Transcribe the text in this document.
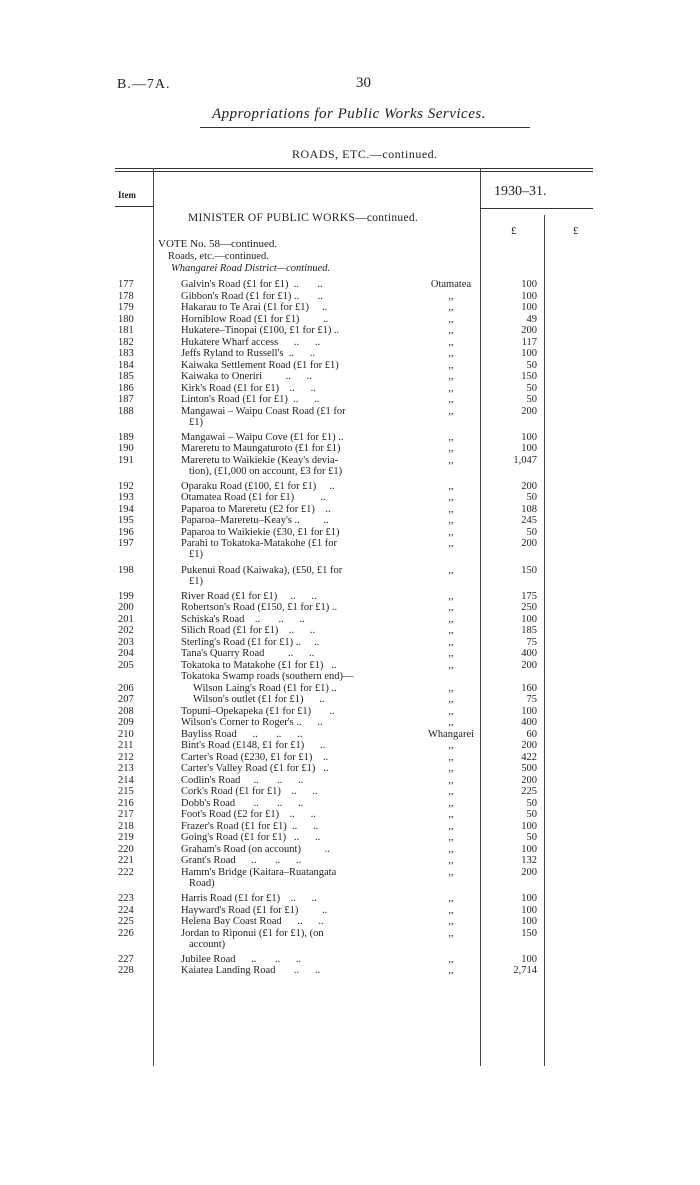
B.—7A.	30
Appropriations for Public Works Services.
ROADS, ETC.—continued.
Item	1930–31.
£	£
MINISTER OF PUBLIC WORKS—continued.
VOTE No. 58—continued.
Roads, etc.—continued.
Whangarei Road District—continued.
177	Galvin's Road (£1 for £1)  ..       ..	Otamatea	100
178	Gibbon's Road (£1 for £1) ..       ..	,,	100
179	Hakarau to Te Arai (£1 for £1)     ..	,,	100
180	Horniblow Road (£1 for £1)         ..	,,	49
181	Hukatere–Tinopai (£100, £1 for £1) ..	,,	200
182	Hukatere Wharf access      ..      ..	,,	117
183	Jeffs Ryland to Russell's  ..      ..	,,	100
184	Kaiwaka Settlement Road (£1 for £1)	,,	50
185	Kaiwaka to Oneriri         ..      ..	,,	150
186	Kirk's Road (£1 for £1)    ..      ..	,,	50
187	Linton's Road (£1 for £1)  ..      ..	,,	50
188	Mangawai – Waipu Coast Road (£1 for
£1)
,,	200
189	Mangawai – Waipu Cove (£1 for £1) ..	,,	100
190	Mareretu to Maungaturoto (£1 for £1)	,,	100
191	Mareretu to Waikiekie (Keay's devia-
tion), (£1,000 on account, £3 for £1)
,,	1,047
192	Oparaku Road (£100, £1 for £1)     ..	,,	200
193	Otamatea Road (£1 for £1)          ..	,,	50
194	Paparoa to Mareretu (£2 for £1)    ..	,,	108
195	Paparoa–Mareretu–Keay's ..         ..	,,	245
196	Paparoa to Waikiekie (£30, £1 for £1)	,,	50
197	Parahi to Tokatoka-Matakohe (£1 for
£1)
,,	200
198	Pukenui Road (Kaiwaka), (£50, £1 for
£1)
,,	150
199	River Road (£1 for £1)     ..      ..	,,	175
200	Robertson's Road (£150, £1 for £1) ..	,,	250
201	Schiska's Road    ..       ..      ..	,,	100
202	Silich Road (£1 for £1)    ..      ..	,,	185
203	Sterling's Road (£1 for £1) ..     ..	,,	75
204	Tana's Quarry Road         ..      ..	,,	400
205	Tokatoka to Matakohe (£1 for £1)   ..	,,	200
Tokatoka Swamp roads (southern end)—
206	Wilson Laing's Road (£1 for £1) ..	,,	160
207	Wilson's outlet (£1 for £1)      ..	,,	75
208	Topuni–Opekapeka (£1 for £1)       ..	,,	100
209	Wilson's Corner to Roger's ..      ..	,,	400
210	Bayliss Road      ..       ..      ..	Whangarei	60
211	Bint's Road (£148, £1 for £1)      ..	,,	200
212	Carter's Road (£230, £1 for £1)    ..	,,	422
213	Carter's Valley Road (£1 for £1)   ..	,,	500
214	Codlin's Road     ..       ..      ..	,,	200
215	Cork's Road (£1 for £1)    ..      ..	,,	225
216	Dobb's Road       ..       ..      ..	,,	50
217	Foot's Road (£2 for £1)    ..      ..	,,	50
218	Frazer's Road (£1 for £1)  ..      ..	,,	100
219	Going's Road (£1 for £1)   ..      ..	,,	50
220	Graham's Road (on account)         ..	,,	100
221	Grant's Road      ..       ..      ..	,,	132
222	Hamm's Bridge (Kaitara–Ruatangata
Road)
,,	200
223	Harris Road (£1 for £1)    ..      ..	,,	100
224	Hayward's Road (£1 for £1)         ..	,,	100
225	Helena Bay Coast Road      ..      ..	,,	100
226	Jordan to Riponui (£1 for £1), (on
account)
,,	150
227	Jubilee Road      ..       ..      ..	,,	100
228	Kaiatea Landing Road       ..      ..	,,	2,714
